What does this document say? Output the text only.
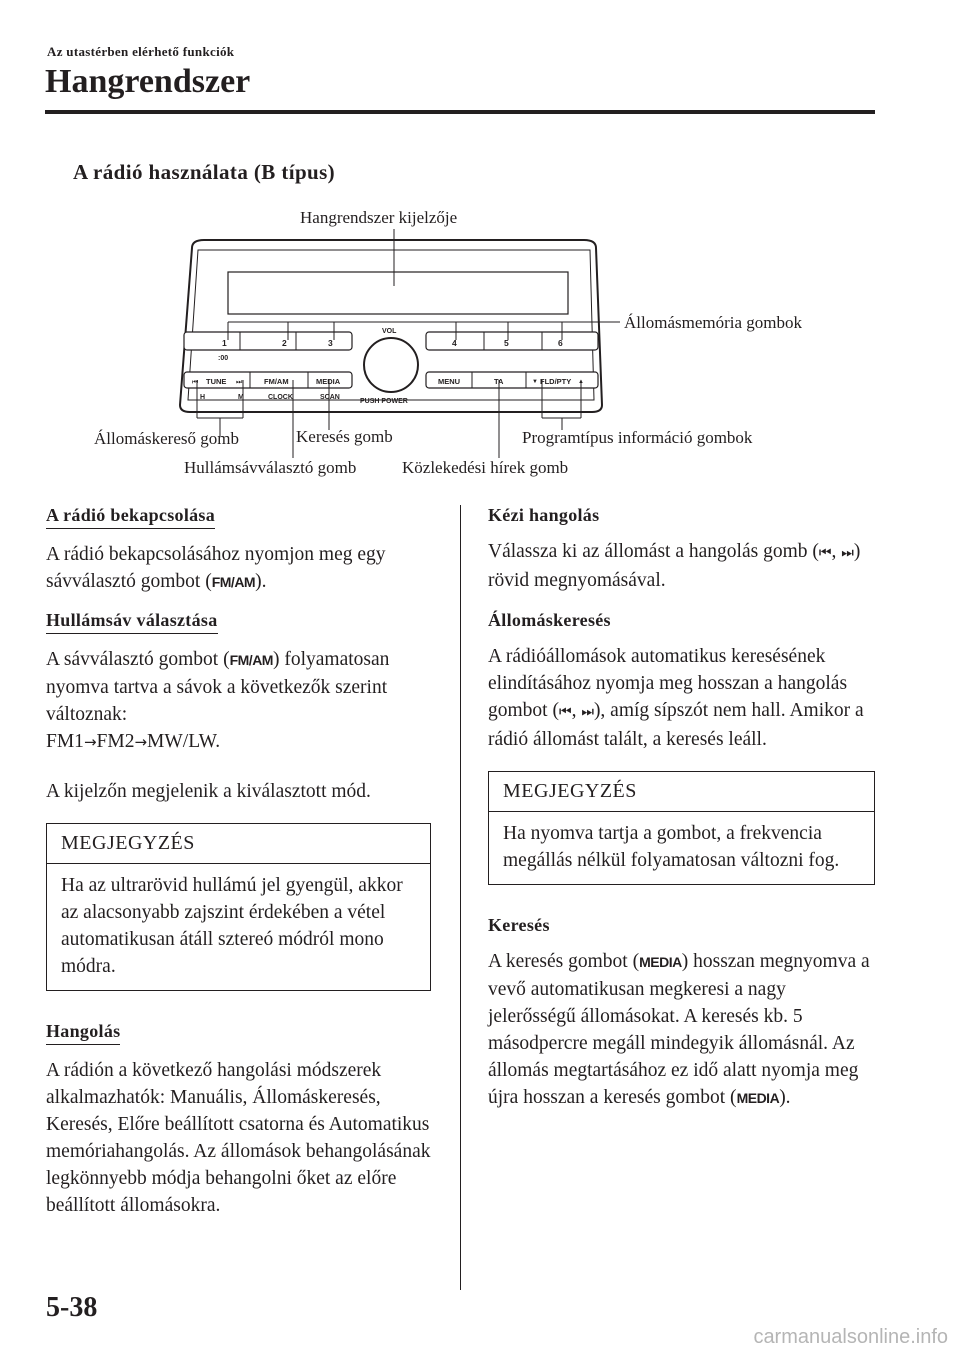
Az utastérben elérhető funkciók
Hangrendszer
A rádió használata (B típus)
1	2	3
:00
4	5	6
VOL
PUSH POWER
⏮ TUNE ⏭	FM/AM	MEDIA
H	M	CLOCK	SCAN
MENU	TA	▼ FLD/PTY ▲
Hangrendszer kijelzője
Állomásmemória gombok
Állomáskereső gomb	Keresés gomb
Hullámsávválasztó gomb	Közlekedési hírek gomb
Programtípus információ gombok
A rádió bekapcsolása

A rádió bekapcsolásához nyomjon meg egy sávválasztó gombot (FM/AM).

Hullámsáv választása

A sávválasztó gombot (FM/AM) folyamatosan nyomva tartva a sávok a következők szerint változnak:
FM1→FM2→MW/LW.

A kijelzőn megjelenik a kiválasztott mód.

MEGJEGYZÉS
Ha az ultrarövid hullámú jel gyengül, akkor az alacsonyabb zajszint érdekében a vétel automatikusan átáll sztereó módról mono módra.
Hangolás

A rádión a következő hangolási módszerek alkalmazhatók: Manuális, Állomáskeresés, Keresés, Előre beállított csatorna és Automatikus memóriahangolás. Az állomások behangolásának legkönnyebb módja behangolni őket az előre beállított állomásokra.

Kézi hangolás

Válassza ki az állomást a hangolás gomb (⏮, ⏭) rövid megnyomásával.

Állomáskeresés

A rádióállomások automatikus keresésének elindításához nyomja meg hosszan a hangolás gombot (⏮, ⏭), amíg sípszót nem hall. Amikor a rádió állomást talált, a keresés leáll.

MEGJEGYZÉS
Ha nyomva tartja a gombot, a frekvencia megállás nélkül folyamatosan változni fog.
Keresés

A keresés gombot (MEDIA) hosszan megnyomva a vevő automatikusan megkeresi a nagy jelerősségű állomásokat. A keresés kb. 5 másodpercre megáll mindegyik állomásnál. Az állomás megtartásához ez idő alatt nyomja meg újra hosszan a keresés gombot (MEDIA).

5-38
carmanualsonline.info
